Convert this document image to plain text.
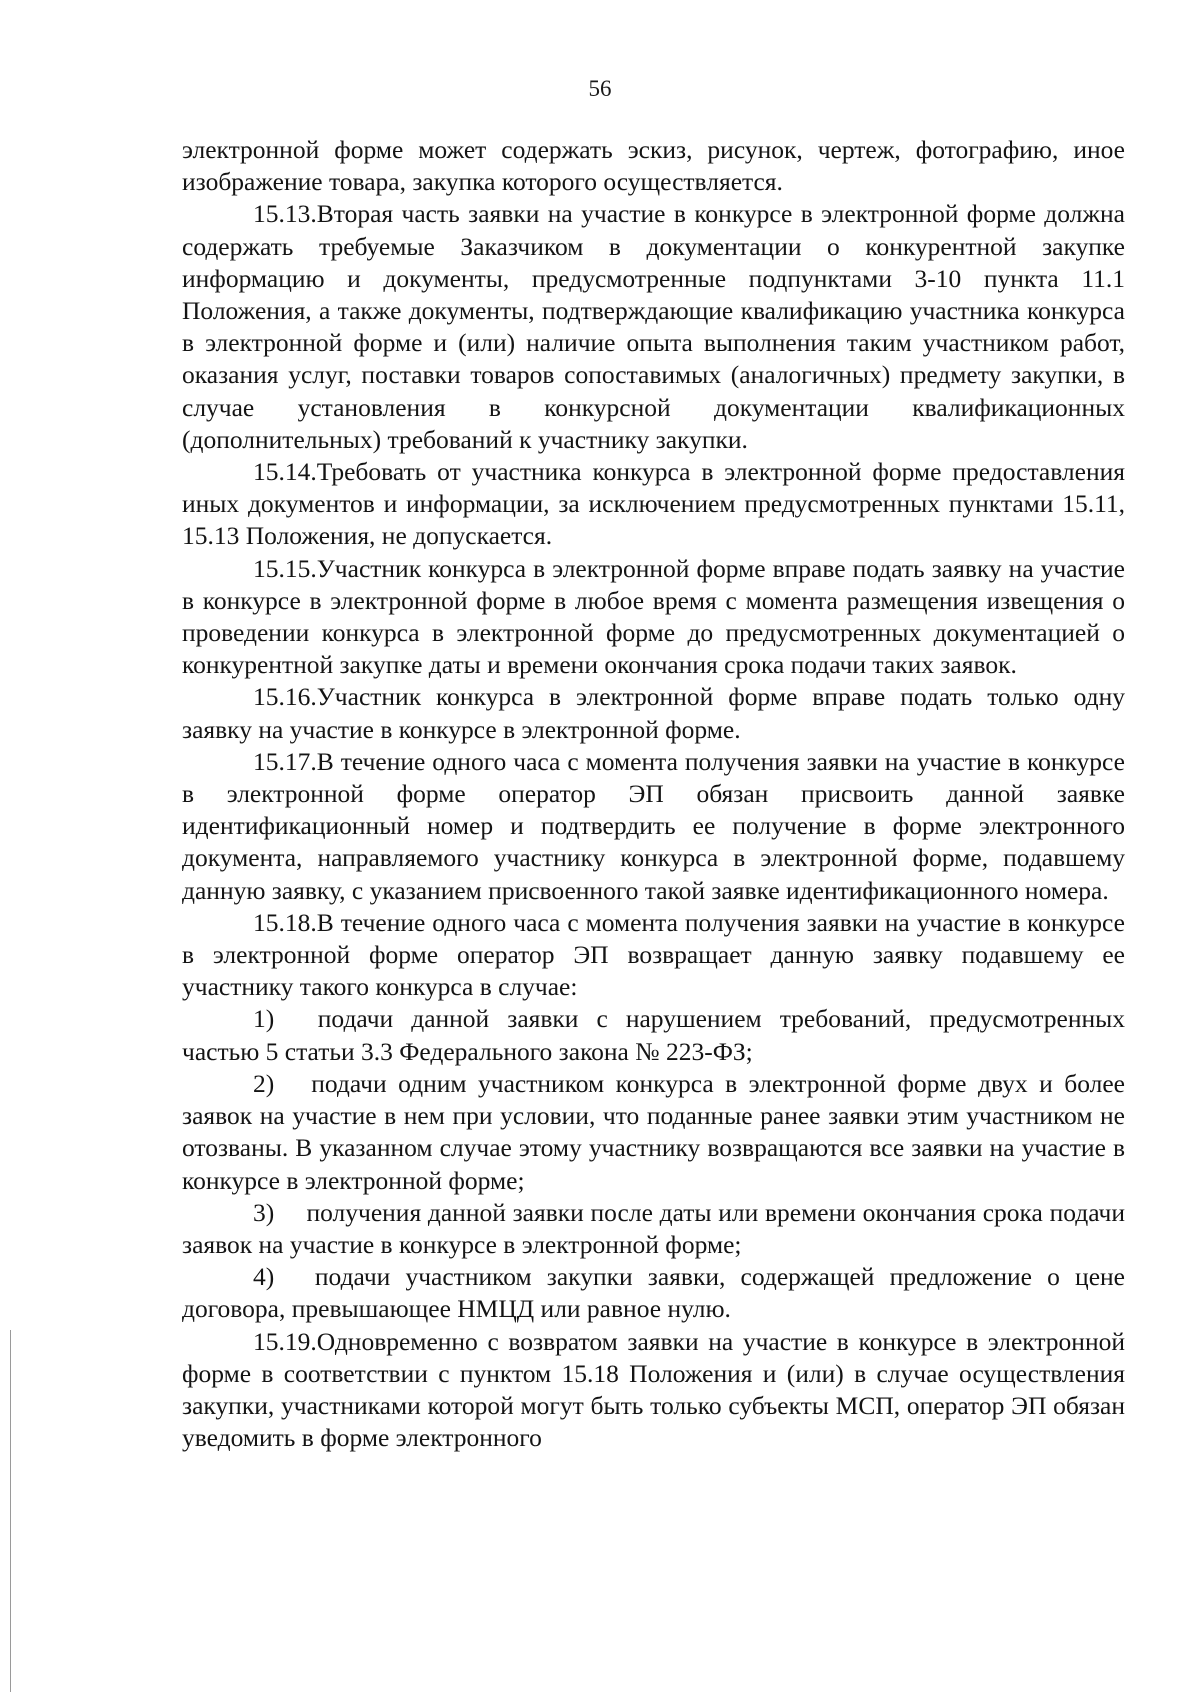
56

электронной форме может содержать эскиз, рисунок, чертеж, фотографию, иное изображение товара, закупка которого осуществляется.

15.13.Вторая часть заявки на участие в конкурсе в электронной форме должна содержать требуемые Заказчиком в документации о конкурентной закупке информацию и документы, предусмотренные подпунктами 3-10 пункта 11.1 Положения, а также документы, подтверждающие квалификацию участника конкурса в электронной форме и (или) наличие опыта выполнения таким участником работ, оказания услуг, поставки товаров сопоставимых (аналогичных) предмету закупки, в случае установления в конкурсной документации квалификационных (дополнительных) требований к участнику закупки.

15.14.Требовать от участника конкурса в электронной форме предоставления иных документов и информации, за исключением предусмотренных пунктами 15.11, 15.13 Положения, не допускается.

15.15.Участник конкурса в электронной форме вправе подать заявку на участие в конкурсе в электронной форме в любое время с момента размещения извещения о проведении конкурса в электронной форме до предусмотренных документацией о конкурентной закупке даты и времени окончания срока подачи таких заявок.

15.16.Участник конкурса в электронной форме вправе подать только одну заявку на участие в конкурсе в электронной форме.

15.17.В течение одного часа с момента получения заявки на участие в конкурсе в электронной форме оператор ЭП обязан присвоить данной заявке идентификационный номер и подтвердить ее получение в форме электронного документа, направляемого участнику конкурса в электронной форме, подавшему данную заявку, с указанием присвоенного такой заявке идентификационного номера.

15.18.В течение одного часа с момента получения заявки на участие в конкурсе в электронной форме оператор ЭП возвращает данную заявку подавшему ее участнику такого конкурса в случае:

1)  подачи данной заявки с нарушением требований, предусмотренных частью 5 статьи 3.3 Федерального закона № 223-ФЗ;

2)  подачи одним участником конкурса в электронной форме двух и более заявок на участие в нем при условии, что поданные ранее заявки этим участником не отозваны. В указанном случае этому участнику возвращаются все заявки на участие в конкурсе в электронной форме;

3)  получения данной заявки после даты или времени окончания срока подачи заявок на участие в конкурсе в электронной форме;

4)  подачи участником закупки заявки, содержащей предложение о цене договора, превышающее НМЦД или равное нулю.

15.19.Одновременно с возвратом заявки на участие в конкурсе в электронной форме в соответствии с пунктом 15.18 Положения и (или) в случае осуществления закупки, участниками которой могут быть только субъекты МСП, оператор ЭП обязан уведомить в форме электронного
